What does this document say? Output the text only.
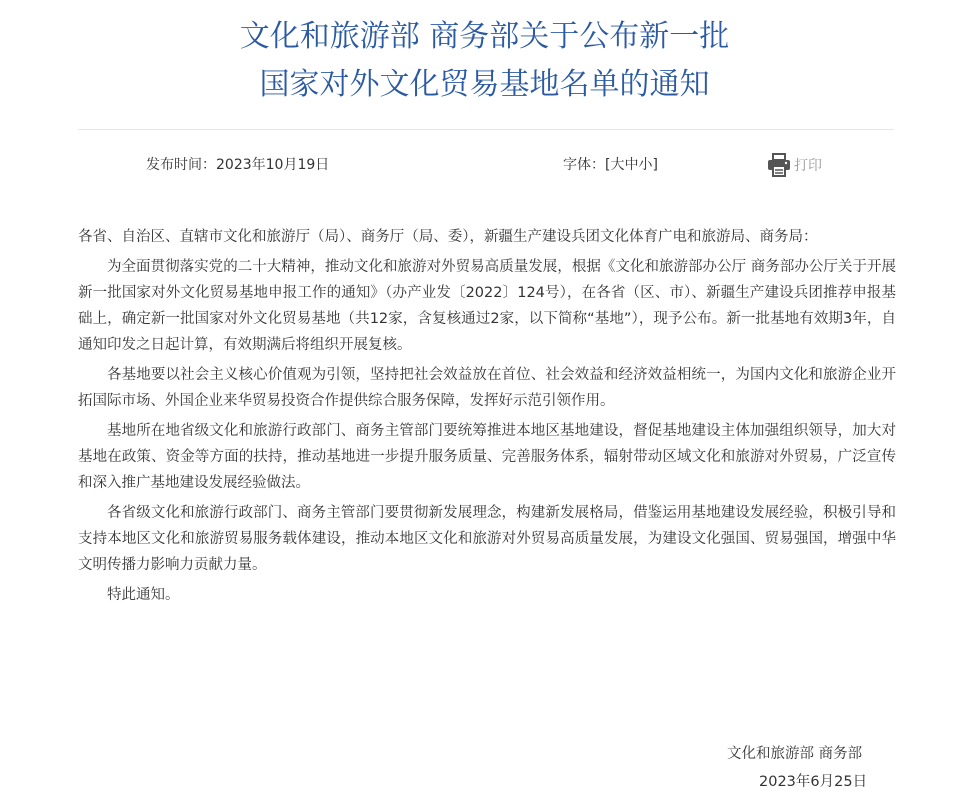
文化和旅游部 商务部关于公布新一批
国家对外文化贸易基地名单的通知
发布时间：2023年10月19日	字体：[大中小]	打印

各省、自治区、直辖市文化和旅游厅（局）、商务厅（局、委），新疆生产建设兵团文化体育广电和旅游局、商务局：

为全面贯彻落实党的二十大精神，推动文化和旅游对外贸易高质量发展，根据《文化和旅游部办公厅 商务部办公厅关于开展新一批国家对外文化贸易基地申报工作的通知》（办产业发〔2022〕124号），在各省（区、市）、新疆生产建设兵团推荐申报基础上，确定新一批国家对外文化贸易基地（共12家，含复核通过2家，以下简称“基地”），现予公布。新一批基地有效期3年，自通知印发之日起计算，有效期满后将组织开展复核。

各基地要以社会主义核心价值观为引领，坚持把社会效益放在首位、社会效益和经济效益相统一，为国内文化和旅游企业开拓国际市场、外国企业来华贸易投资合作提供综合服务保障，发挥好示范引领作用。

基地所在地省级文化和旅游行政部门、商务主管部门要统筹推进本地区基地建设，督促基地建设主体加强组织领导，加大对基地在政策、资金等方面的扶持，推动基地进一步提升服务质量、完善服务体系，辐射带动区域文化和旅游对外贸易，广泛宣传和深入推广基地建设发展经验做法。

各省级文化和旅游行政部门、商务主管部门要贯彻新发展理念，构建新发展格局，借鉴运用基地建设发展经验，积极引导和支持本地区文化和旅游贸易服务载体建设，推动本地区文化和旅游对外贸易高质量发展，为建设文化强国、贸易强国，增强中华文明传播力影响力贡献力量。

特此通知。

文化和旅游部 商务部
2023年6月25日
